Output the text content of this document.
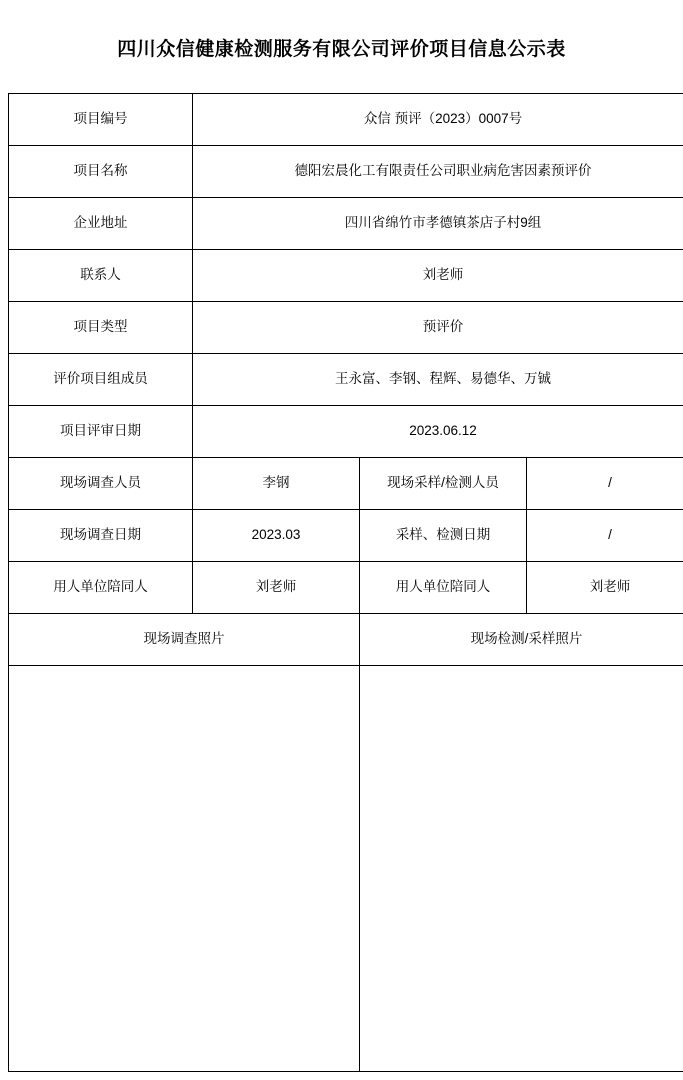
四川众信健康检测服务有限公司评价项目信息公示表
项目编号	众信 预评（2023）0007号		
项目名称	德阳宏晨化工有限责任公司职业病危害因素预评价		
企业地址	四川省绵竹市孝德镇茶店子村9组		
联系人	刘老师		
项目类型	预评价		
评价项目组成员	王永富、李钢、程辉、易德华、万铖		
项目评审日期	2023.06.12		
现场调查人员	李钢	现场采样/检测人员	/
现场调查日期	2023.03	采样、检测日期	/
用人单位陪同人	刘老师	用人单位陪同人	刘老师
现场调查照片		现场检测/采样照片	
